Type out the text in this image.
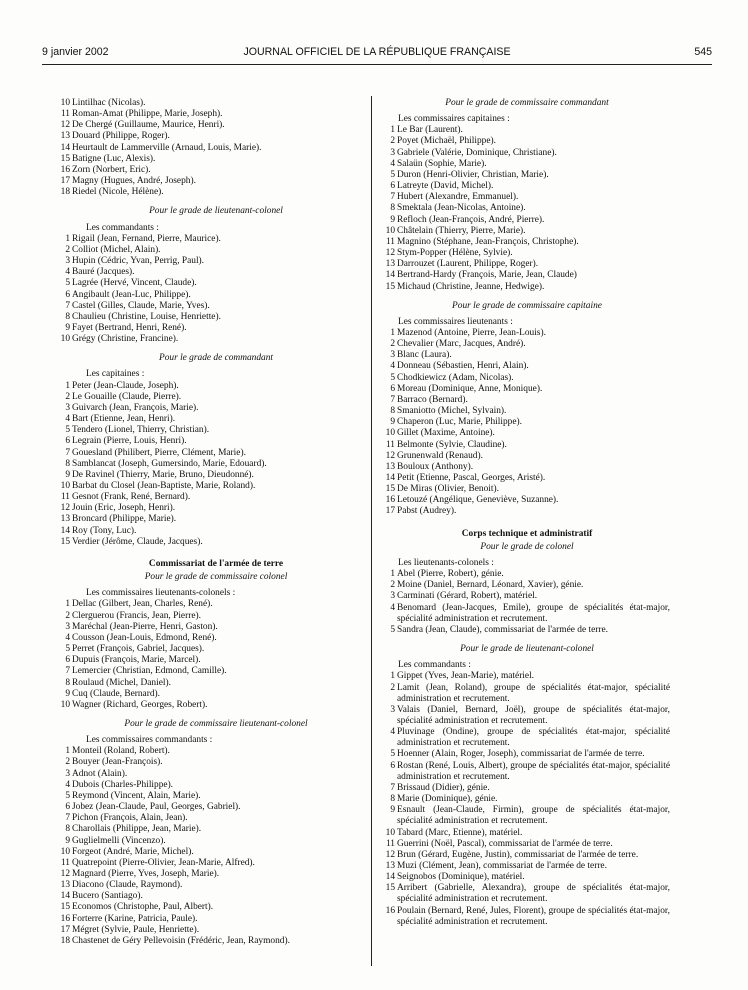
9 janvier 2002	JOURNAL OFFICIEL DE LA RÉPUBLIQUE FRANÇAISE	545
10 Lintilhac (Nicolas).
11 Roman-Amat (Philippe, Marie, Joseph).
12 De Chergé (Guillaume, Maurice, Henri).
13 Douard (Philippe, Roger).
14 Heurtault de Lammerville (Arnaud, Louis, Marie).
15 Batigne (Luc, Alexis).
16 Zorn (Norbert, Eric).
17 Magny (Hugues, André, Joseph).
18 Riedel (Nicole, Hélène).
Pour le grade de lieutenant-colonel
Les commandants :
1 Rigail (Jean, Fernand, Pierre, Maurice).
2 Colliot (Michel, Alain).
3 Hupin (Cédric, Yvan, Perrig, Paul).
4 Bauré (Jacques).
5 Lagrée (Hervé, Vincent, Claude).
6 Angibault (Jean-Luc, Philippe).
7 Castel (Gilles, Claude, Marie, Yves).
8 Chaulieu (Christine, Louise, Henriette).
9 Fayet (Bertrand, Henri, René).
10 Grégy (Christine, Francine).
Pour le grade de commandant
Les capitaines :
1 Peter (Jean-Claude, Joseph).
2 Le Gouaille (Claude, Pierre).
3 Guivarch (Jean, François, Marie).
4 Bart (Etienne, Jean, Henri).
5 Tendero (Lionel, Thierry, Christian).
6 Legrain (Pierre, Louis, Henri).
7 Gouesland (Philibert, Pierre, Clément, Marie).
8 Samblancat (Joseph, Gumersindo, Marie, Edouard).
9 De Ravinel (Thierry, Marie, Bruno, Dieudonné).
10 Barbat du Closel (Jean-Baptiste, Marie, Roland).
11 Gesnot (Frank, René, Bernard).
12 Jouin (Eric, Joseph, Henri).
13 Broncard (Philippe, Marie).
14 Roy (Tony, Luc).
15 Verdier (Jérôme, Claude, Jacques).
Commissariat de l'armée de terre
Pour le grade de commissaire colonel
Les commissaires lieutenants-colonels :
1 Dellac (Gilbert, Jean, Charles, René).
2 Clerguerou (Francis, Jean, Pierre).
3 Maréchal (Jean-Pierre, Henri, Gaston).
4 Cousson (Jean-Louis, Edmond, René).
5 Perret (François, Gabriel, Jacques).
6 Dupuis (François, Marie, Marcel).
7 Lemercier (Christian, Edmond, Camille).
8 Roulaud (Michel, Daniel).
9 Cuq (Claude, Bernard).
10 Wagner (Richard, Georges, Robert).
Pour le grade de commissaire lieutenant-colonel
Les commissaires commandants :
1 Monteil (Roland, Robert).
2 Bouyer (Jean-François).
3 Adnot (Alain).
4 Dubois (Charles-Philippe).
5 Reymond (Vincent, Alain, Marie).
6 Jobez (Jean-Claude, Paul, Georges, Gabriel).
7 Pichon (François, Alain, Jean).
8 Charollais (Philippe, Jean, Marie).
9 Guglielmelli (Vincenzo).
10 Forgeot (André, Marie, Michel).
11 Quatrepoint (Pierre-Olivier, Jean-Marie, Alfred).
12 Magnard (Pierre, Yves, Joseph, Marie).
13 Diacono (Claude, Raymond).
14 Bucero (Santiago).
15 Economos (Christophe, Paul, Albert).
16 Forterre (Karine, Patricia, Paule).
17 Mégret (Sylvie, Paule, Henriette).
18 Chastenet de Géry Pellevoisin (Frédéric, Jean, Raymond).
Pour le grade de commissaire commandant
Les commissaires capitaines :
1 Le Bar (Laurent).
2 Poyet (Michaël, Philippe).
3 Gabriele (Valérie, Dominique, Christiane).
4 Salaün (Sophie, Marie).
5 Duron (Henri-Olivier, Christian, Marie).
6 Latreyte (David, Michel).
7 Hubert (Alexandre, Emmanuel).
8 Smektala (Jean-Nicolas, Antoine).
9 Refloch (Jean-François, André, Pierre).
10 Châtelain (Thierry, Pierre, Marie).
11 Magnino (Stéphane, Jean-François, Christophe).
12 Stym-Popper (Hélène, Sylvie).
13 Darrouzet (Laurent, Philippe, Roger).
14 Bertrand-Hardy (François, Marie, Jean, Claude)
15 Michaud (Christine, Jeanne, Hedwige).
Pour le grade de commissaire capitaine
Les commissaires lieutenants :
1 Mazenod (Antoine, Pierre, Jean-Louis).
2 Chevalier (Marc, Jacques, André).
3 Blanc (Laura).
4 Donneau (Sébastien, Henri, Alain).
5 Chodkiewicz (Adam, Nicolas).
6 Moreau (Dominique, Anne, Monique).
7 Barraco (Bernard).
8 Smaniotto (Michel, Sylvain).
9 Chaperon (Luc, Marie, Philippe).
10 Gillet (Maxime, Antoine).
11 Belmonte (Sylvie, Claudine).
12 Grunenwald (Renaud).
13 Bouloux (Anthony).
14 Petit (Etienne, Pascal, Georges, Aristé).
15 De Miras (Olivier, Benoit).
16 Letouzé (Angélique, Geneviève, Suzanne).
17 Pabst (Audrey).
Corps technique et administratif
Pour le grade de colonel
Les lieutenants-colonels :
1 Abel (Pierre, Robert), génie.
2 Moine (Daniel, Bernard, Léonard, Xavier), génie.
3 Carminati (Gérard, Robert), matériel.
4 Benomard (Jean-Jacques, Emile), groupe de spécialités état-major, spécialité administration et recrutement.
5 Sandra (Jean, Claude), commissariat de l'armée de terre.
Pour le grade de lieutenant-colonel
Les commandants :
1 Gippet (Yves, Jean-Marie), matériel.
2 Lamit (Jean, Roland), groupe de spécialités état-major, spécialité administration et recrutement.
3 Valais (Daniel, Bernard, Joël), groupe de spécialités état-major, spécialité administration et recrutement.
4 Pluvinage (Ondine), groupe de spécialités état-major, spécialité administration et recrutement.
5 Hoenner (Alain, Roger, Joseph), commissariat de l'armée de terre.
6 Rostan (René, Louis, Albert), groupe de spécialités état-major, spécialité administration et recrutement.
7 Brissaud (Didier), génie.
8 Marie (Dominique), génie.
9 Esnault (Jean-Claude, Firmin), groupe de spécialités état-major, spécialité administration et recrutement.
10 Tabard (Marc, Etienne), matériel.
11 Guerrini (Noël, Pascal), commissariat de l'armée de terre.
12 Brun (Gérard, Eugène, Justin), commissariat de l'armée de terre.
13 Muzi (Clément, Jean), commissariat de l'armée de terre.
14 Seignobos (Dominique), matériel.
15 Arribert (Gabrielle, Alexandra), groupe de spécialités état-major, spécialité administration et recrutement.
16 Poulain (Bernard, René, Jules, Florent), groupe de spécialités état-major, spécialité administration et recrutement.
